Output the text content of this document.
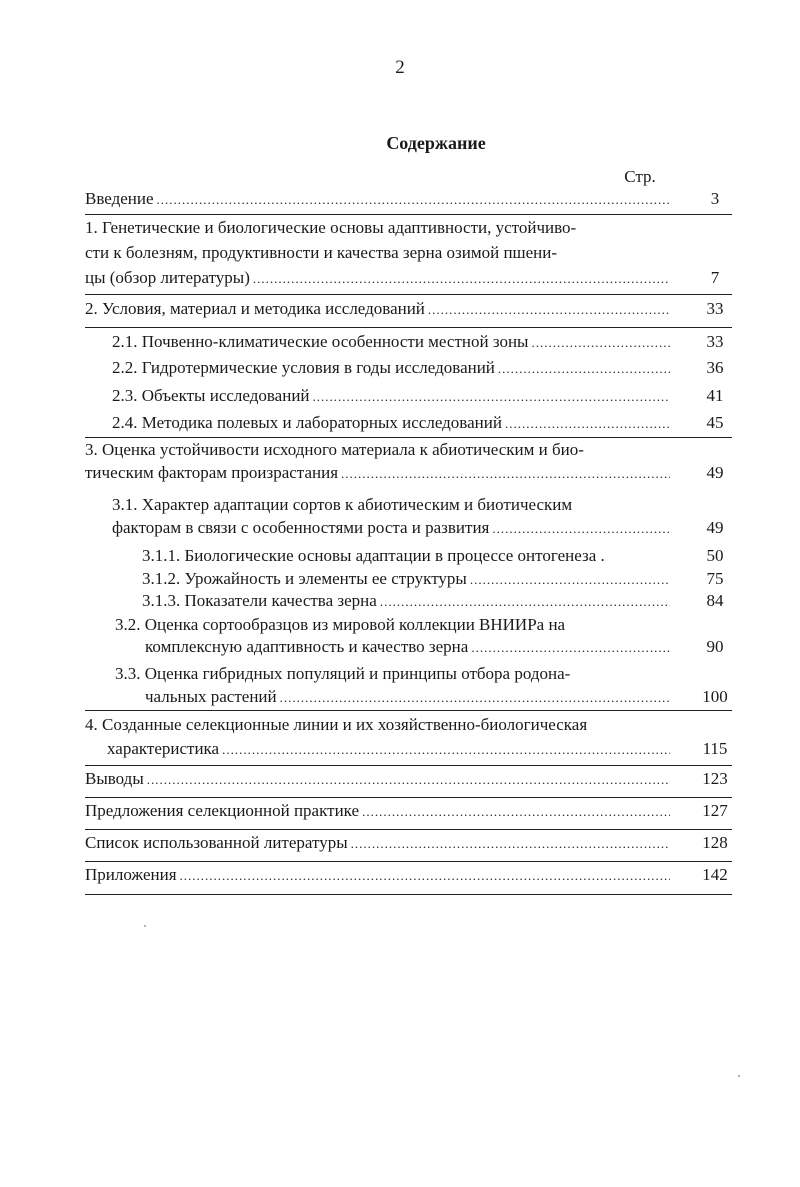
2
Содержание
Стр.
Введение .....	3
1. Генетические и биологические основы адаптивности, устойчиво-
сти к болезням, продуктивности и качества зерна озимой пшени-
цы (обзор литературы) .....	7
2. Условия, материал и методика исследований .....	33
2.1. Почвенно-климатические особенности местной зоны .....	33
2.2. Гидротермические условия в годы исследований .....	36
2.3. Объекты исследований .....	41
2.4. Методика полевых и лабораторных исследований .....	45
3. Оценка устойчивости исходного материала к абиотическим и био-
тическим факторам произрастания .....	49
3.1. Характер адаптации сортов к абиотическим и биотическим
факторам в связи с особенностями роста и развития .....	49
3.1.1. Биологические основы адаптации в процессе онтогенеза .	50
3.1.2. Урожайность и элементы ее структуры .....	75
3.1.3. Показатели качества зерна .....	84
3.2. Оценка сортообразцов из мировой коллекции ВНИИРа на
комплексную адаптивность и качество зерна .....	90
3.3. Оценка гибридных популяций и принципы отбора родона-
чальных растений .....	100
4. Созданные селекционные линии и их хозяйственно-биологическая
характеристика .....	115
Выводы .....	123
Предложения селекционной практике .....	127
Список использованной литературы .....	128
Приложения .....	142
